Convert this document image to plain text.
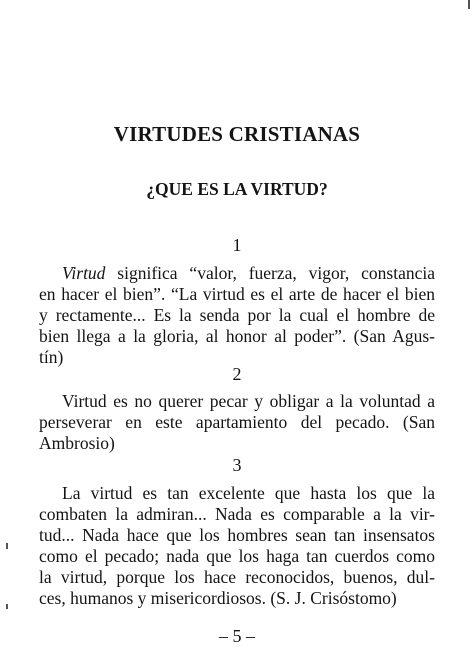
VIRTUDES CRISTIANAS
¿QUE ES LA VIRTUD?
1
Virtud significa “valor, fuerza, vigor, constancia
en hacer el bien”. “La virtud es el arte de hacer el bien
y rectamente... Es la senda por la cual el hombre de
bien llega a la gloria, al honor al poder”. (San Agus-
tín)
2
Virtud es no querer pecar y obligar a la voluntad a
perseverar en este apartamiento del pecado. (San
Ambrosio)
3
La virtud es tan excelente que hasta los que la
combaten la admiran... Nada es comparable a la vir-
tud... Nada hace que los hombres sean tan insensatos
como el pecado; nada que los haga tan cuerdos como
la virtud, porque los hace reconocidos, buenos, dul-
ces, humanos y misericordiosos. (S. J. Crisóstomo)
– 5 –
